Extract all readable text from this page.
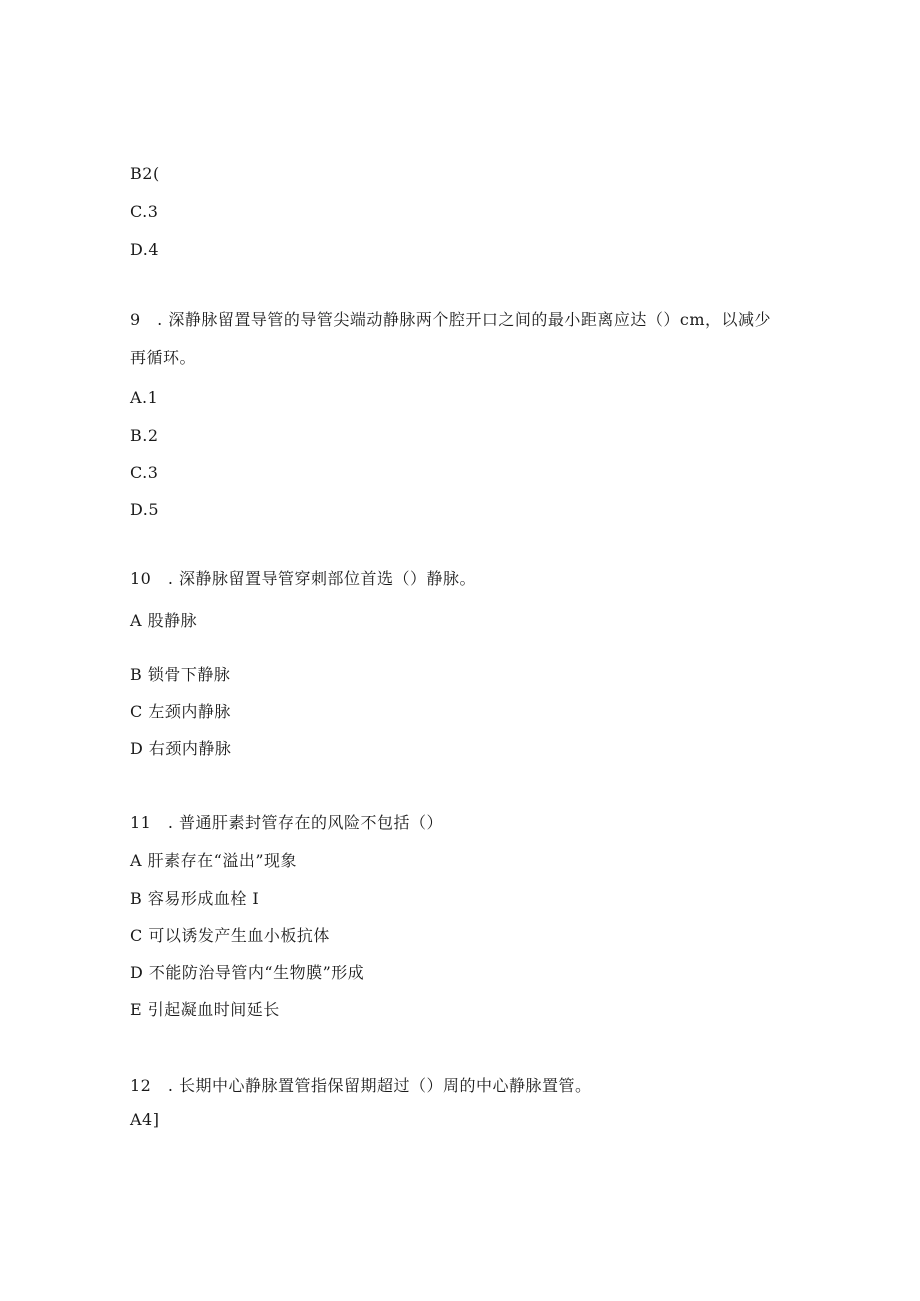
B2(
C.3
D.4
9　. 深静脉留置导管的导管尖端动静脉两个腔开口之间的最小距离应达（）cm，以减少
再循环。
A.1
B.2
C.3
D.5
10　. 深静脉留置导管穿刺部位首选（）静脉。
A 股静脉
B 锁骨下静脉
C 左颈内静脉
D 右颈内静脉
11　. 普通肝素封管存在的风险不包括（）
A 肝素存在“溢出”现象
B 容易形成血栓 I
C 可以诱发产生血小板抗体
D 不能防治导管内“生物膜”形成
E 引起凝血时间延长
12　. 长期中心静脉置管指保留期超过（）周的中心静脉置管。
A4]
